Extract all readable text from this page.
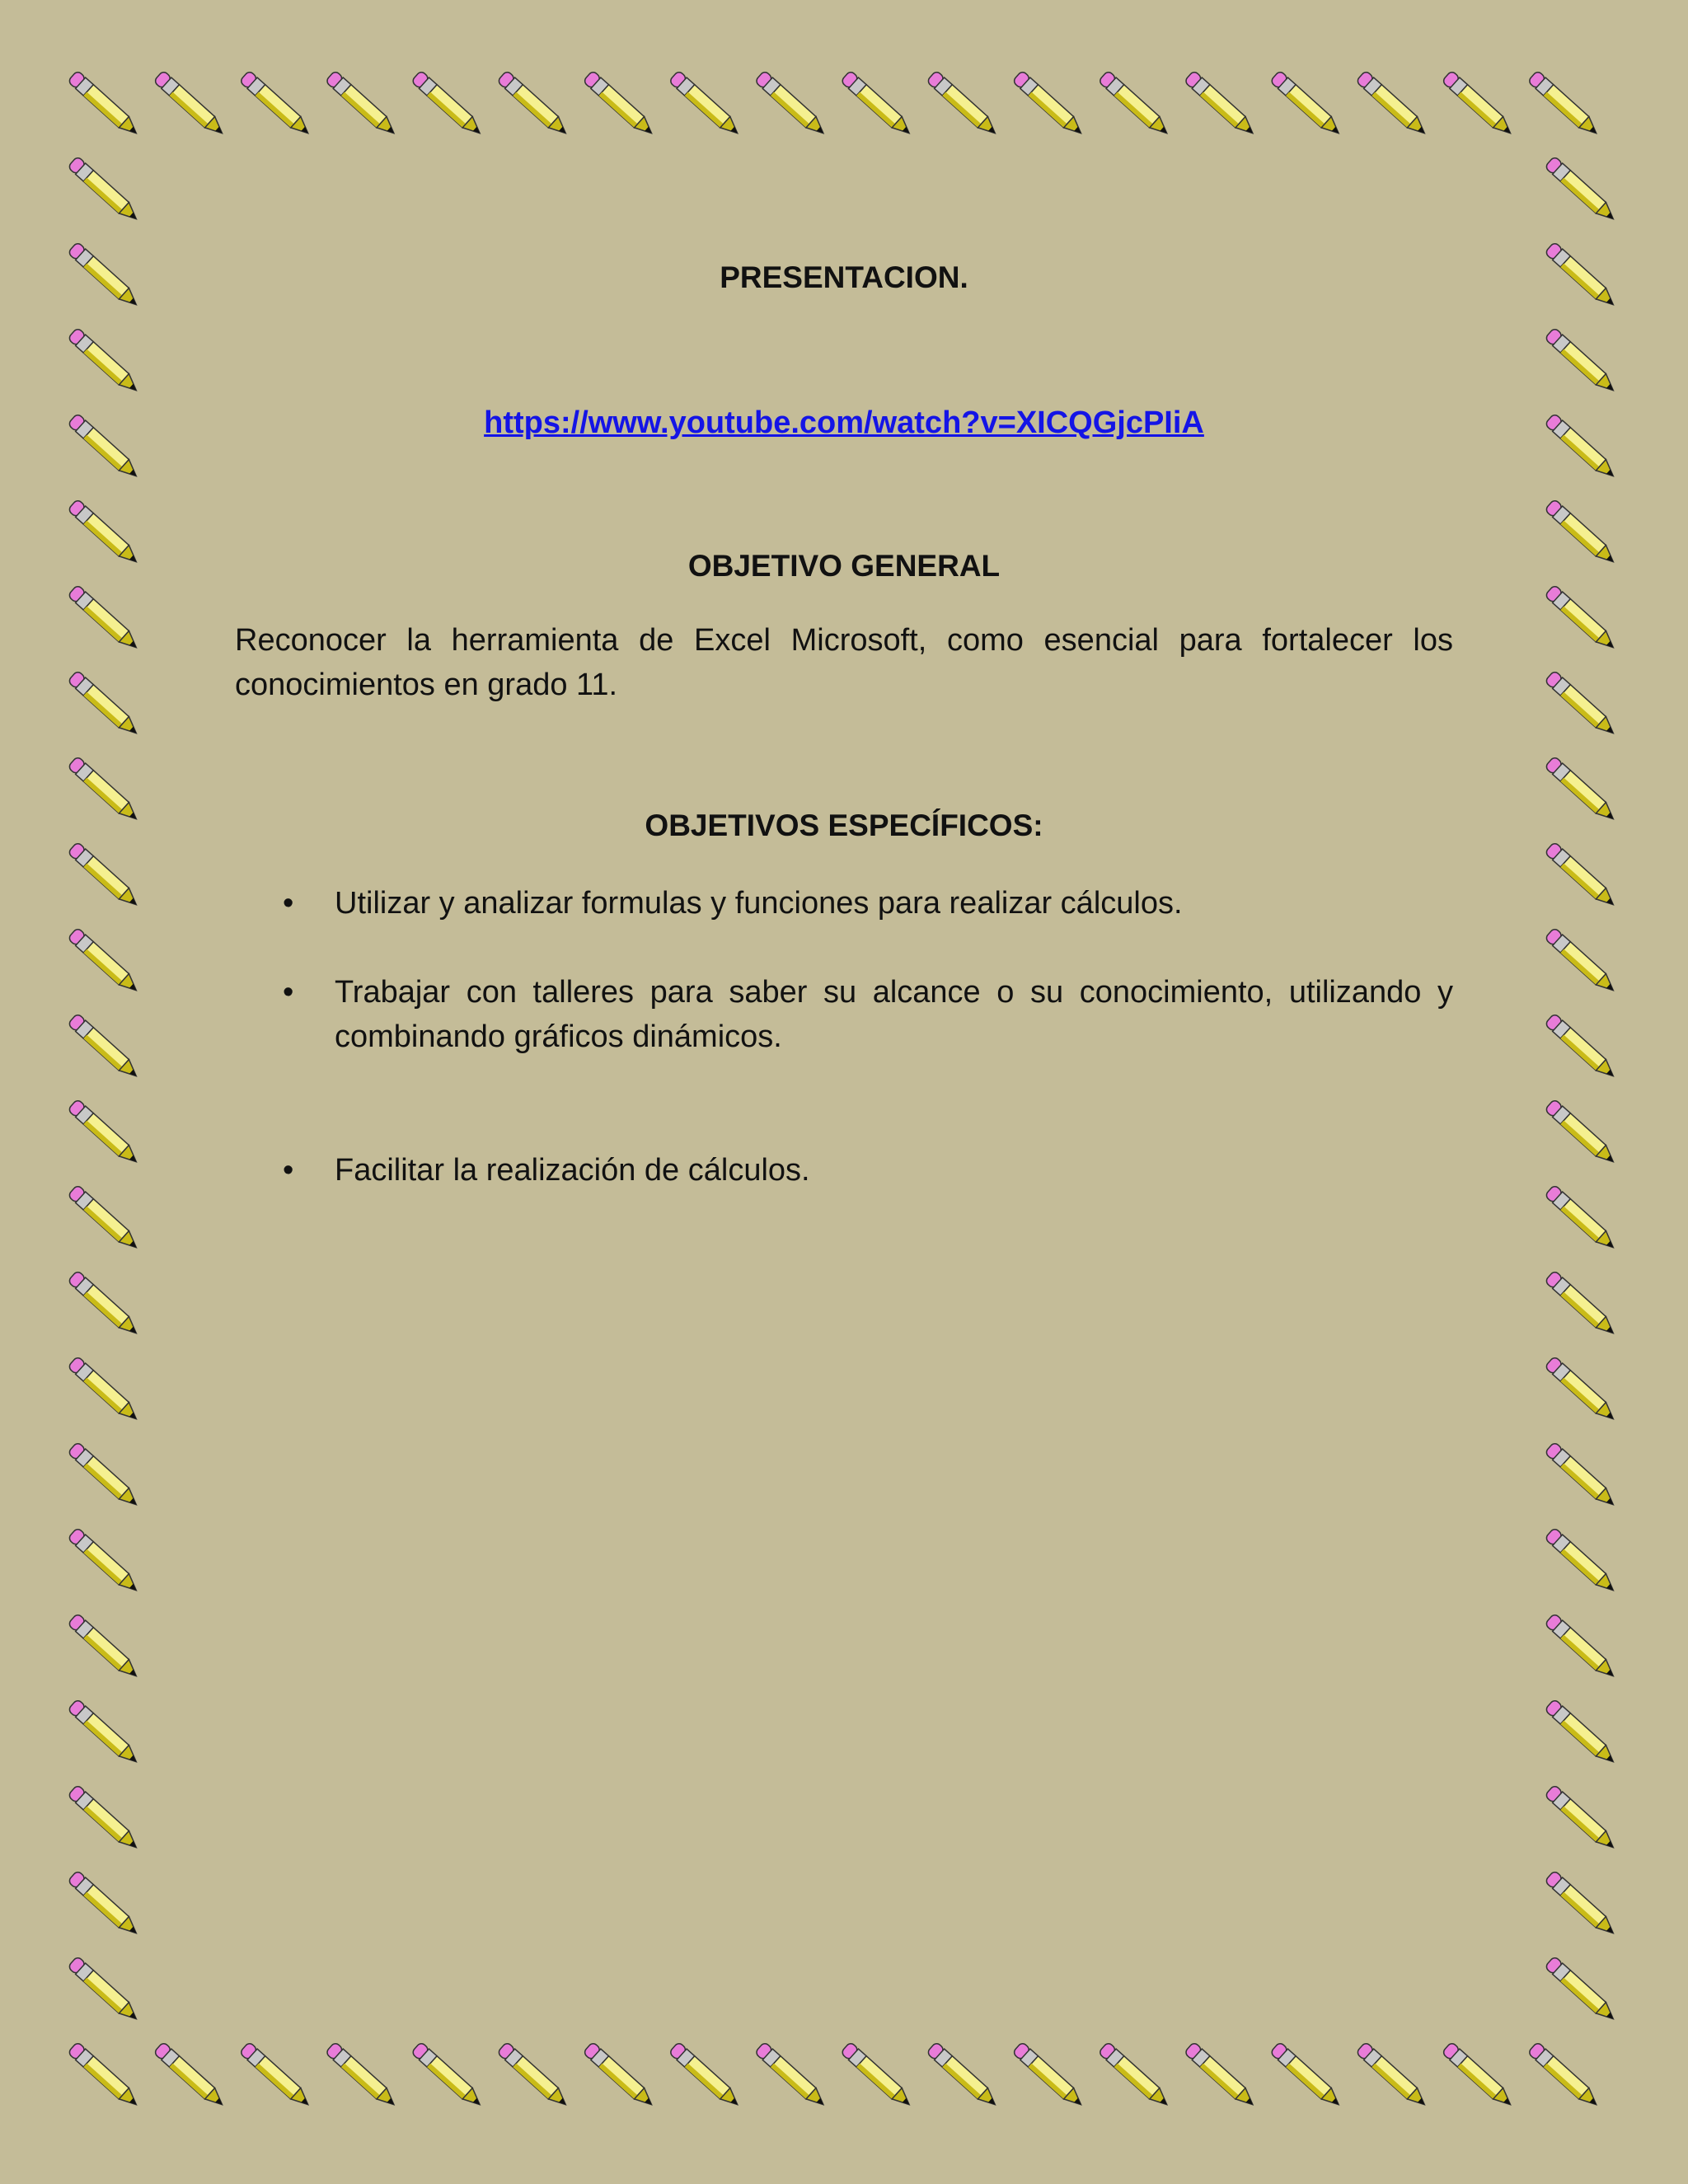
PRESENTACION.

https://www.youtube.com/watch?v=XICQGjcPIiA

OBJETIVO GENERAL

Reconocer la herramienta de Excel Microsoft, como esencial para fortalecer los conocimientos en grado 11.

OBJETIVOS ESPECÍFICOS:

• Utilizar y analizar formulas y funciones para realizar cálculos.
• Trabajar con talleres para saber su alcance o su conocimiento, utilizando y combinando gráficos dinámicos.
• Facilitar la realización de cálculos.
